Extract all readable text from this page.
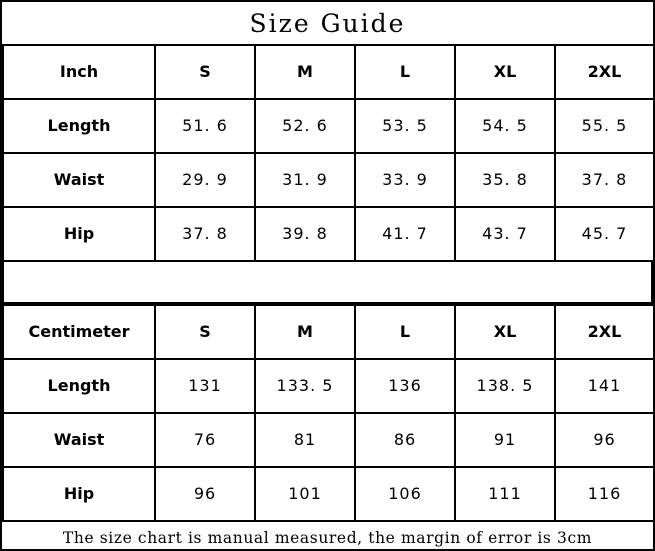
Size Guide
Inch	S	M	L	XL	2XL
Length	51. 6	52. 6	53. 5	54. 5	55. 5
Waist	29. 9	31. 9	33. 9	35. 8	37. 8
Hip	37. 8	39. 8	41. 7	43. 7	45. 7
Centimeter	S	M	L	XL	2XL
Length	131	133. 5	136	138. 5	141
Waist	76	81	86	91	96
Hip	96	101	106	111	116
The size chart is manual measured, the margin of error is 3cm
